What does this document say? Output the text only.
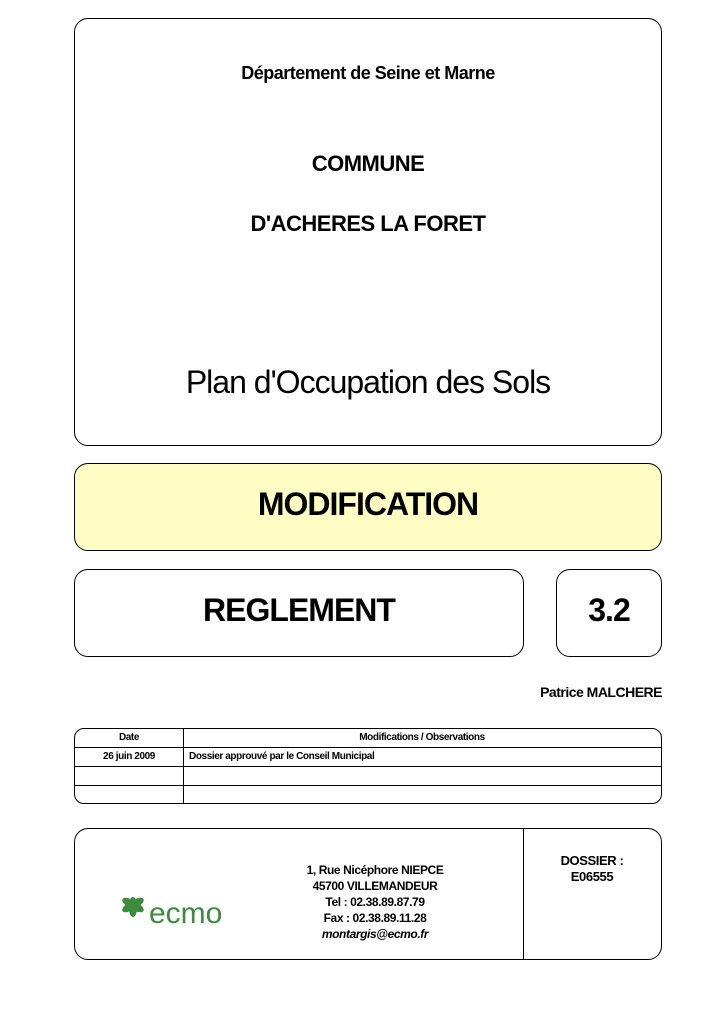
Département de Seine et Marne
COMMUNE
D'ACHERES LA FORET
Plan d'Occupation des Sols
MODIFICATION
REGLEMENT	3.2
Patrice MALCHERE
Date	Modifications / Observations
26 juin 2009	Dossier approuvé par le Conseil Municipal
ecmo
1, Rue Nicéphore NIEPCE
45700 VILLEMANDEUR
Tel : 02.38.89.87.79
Fax : 02.38.89.11.28
montargis@ecmo.fr
DOSSIER :
E06555
